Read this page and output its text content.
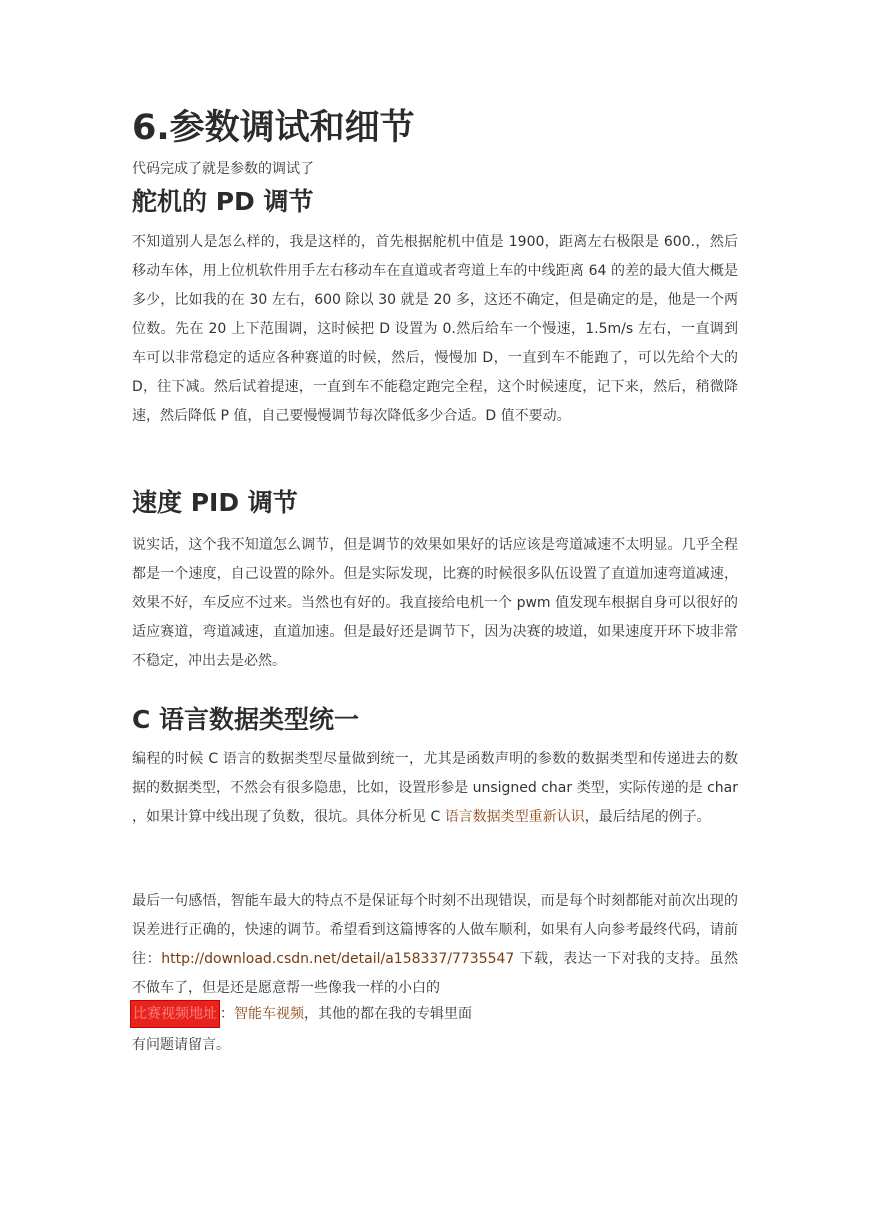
6.参数调试和细节
代码完成了就是参数的调试了
舵机的 PD 调节

不知道别人是怎么样的，我是这样的，首先根据舵机中值是 1900，距离左右极限是 600.，然后移动车体，用上位机软件用手左右移动车在直道或者弯道上车的中线距离 64 的差的最大值大概是多少，比如我的在 30 左右，600 除以 30 就是 20 多，这还不确定，但是确定的是，他是一个两位数。先在 20 上下范围调，这时候把 D 设置为 0.然后给车一个慢速，1.5m/s 左右，一直调到车可以非常稳定的适应各种赛道的时候，然后，慢慢加 D，一直到车不能跑了，可以先给个大的 D，往下减。然后试着提速，一直到车不能稳定跑完全程，这个时候速度，记下来，然后，稍微降速，然后降低 P 值，自己要慢慢调节每次降低多少合适。D 值不要动。

速度 PID 调节

说实话，这个我不知道怎么调节，但是调节的效果如果好的话应该是弯道减速不太明显。几乎全程都是一个速度，自己设置的除外。但是实际发现，比赛的时候很多队伍设置了直道加速弯道减速，效果不好，车反应不过来。当然也有好的。我直接给电机一个 pwm 值发现车根据自身可以很好的适应赛道，弯道减速，直道加速。但是最好还是调节下，因为决赛的坡道，如果速度开环下坡非常不稳定，冲出去是必然。

C 语言数据类型统一

编程的时候 C 语言的数据类型尽量做到统一，尤其是函数声明的参数的数据类型和传递进去的数据的数据类型，不然会有很多隐患，比如，设置形参是 unsigned char 类型，实际传递的是 char ，如果计算中线出现了负数，很坑。具体分析见 C 语言数据类型重新认识，最后结尾的例子。

最后一句感悟，智能车最大的特点不是保证每个时刻不出现错误，而是每个时刻都能对前次出现的误差进行正确的，快速的调节。希望看到这篇博客的人做车顺利，如果有人向参考最终代码，请前往：http://download.csdn.net/detail/a158337/7735547 下载，表达一下对我的支持。虽然不做车了，但是还是愿意帮一些像我一样的小白的

比赛视频地址 ：智能车视频，其他的都在我的专辑里面
有问题请留言。
